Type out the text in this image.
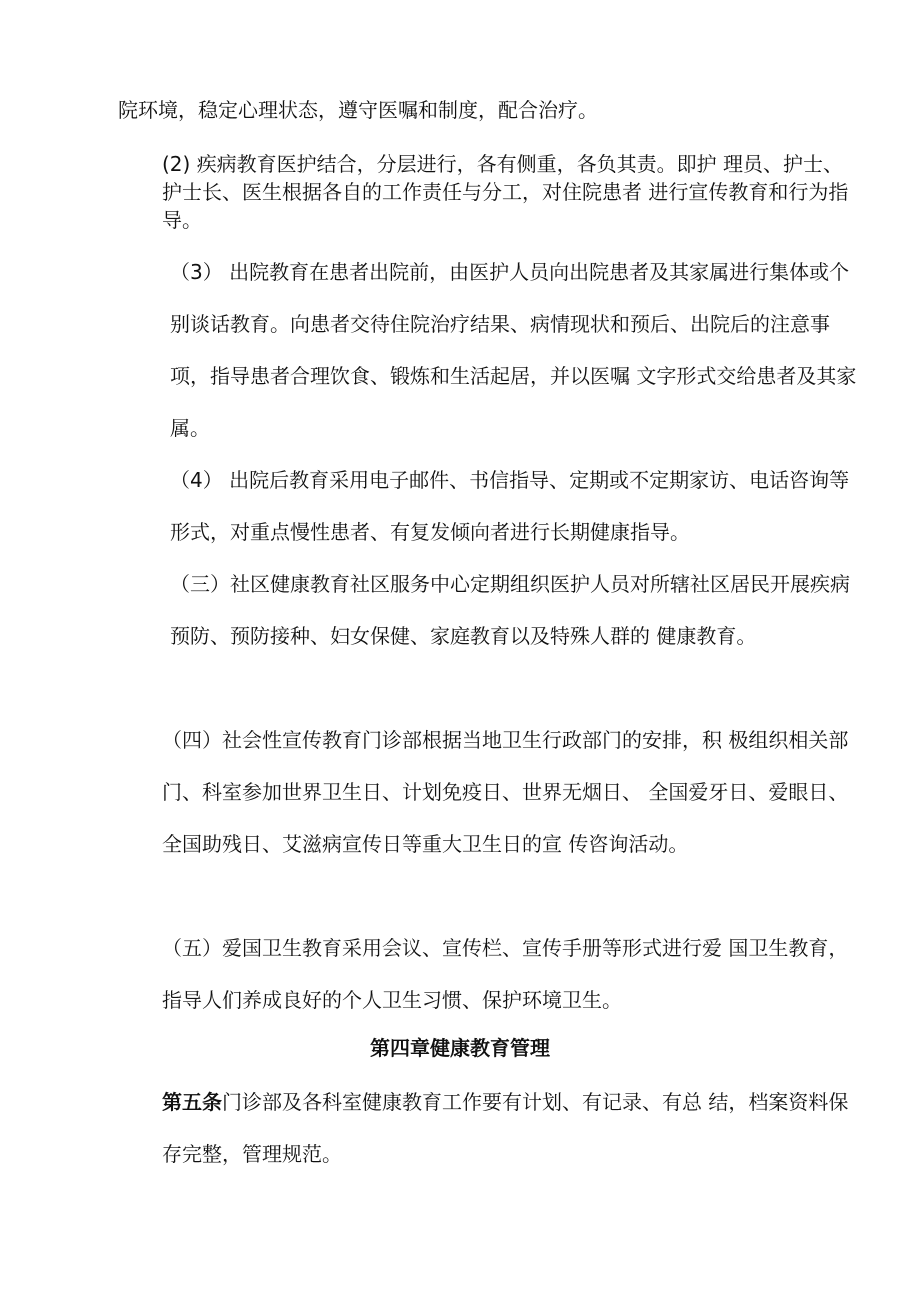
院环境，稳定心理状态，遵守医嘱和制度，配合治疗。

(2) 疾病教育医护结合，分层进行，各有侧重，各负其责。即护 理员、护士、护士长、医生根据各自的工作责任与分工，对住院患者 进行宣传教育和行为指导。

（3） 出院教育在患者出院前，由医护人员向出院患者及其家属进行集体或个别谈话教育。向患者交待住院治疗结果、病情现状和预后、出院后的注意事项，指导患者合理饮食、锻炼和生活起居，并以医嘱 文字形式交给患者及其家属。

（4） 出院后教育采用电子邮件、书信指导、定期或不定期家访、电话咨询等形式，对重点慢性患者、有复发倾向者进行长期健康指导。

（三）社区健康教育社区服务中心定期组织医护人员对所辖社区居民开展疾病预防、预防接种、妇女保健、家庭教育以及特殊人群的 健康教育。

（四）社会性宣传教育门诊部根据当地卫生行政部门的安排，积 极组织相关部门、科室参加世界卫生日、计划免疫日、世界无烟日、 全国爱牙日、爱眼日、全国助残日、艾滋病宣传日等重大卫生日的宣 传咨询活动。

（五）爱国卫生教育采用会议、宣传栏、宣传手册等形式进行爱 国卫生教育，指导人们养成良好的个人卫生习惯、保护环境卫生。

第四章健康教育管理

第五条门诊部及各科室健康教育工作要有计划、有记录、有总 结，档案资料保存完整，管理规范。
